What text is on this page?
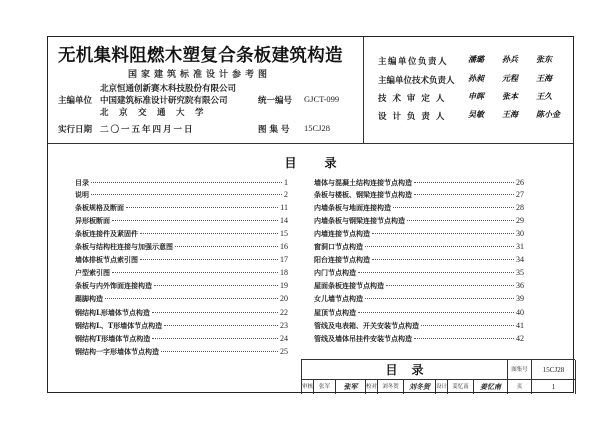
无机集料阻燃木塑复合条板建筑构造
国家建筑标准设计参考图
主编单位
北京恒通创新赛木科技股份有限公司
中国建筑标准设计研究院有限公司
北　京　交　通　大　学
统一编号 GJCT-099
实行日期 二〇一五年四月一日	图 集 号 15CJ28
主编单位负责人 潘璐 孙兵 张东
主编单位技术负责人 孙昶 元程 王海
技 术 审 定 人	申晖 张本 王久
设 计 负 责 人	吴敏 王海 陈小金
目录
目录	1
说明	2
条板规格及断面	11
异形板断面	14
条板连接件及紧固件	15
条板与结构柱连接与加强示意图	16
墙体排板节点索引图	17
户型索引图	18
条板与内外饰面连接构造	19
踢脚构造	20
钢结构L形墙体节点构造	22
钢结构L、T形墙体节点构造	23
钢结构T形墙体节点构造	24
钢结构一字形墙体节点构造	25
墙体与混凝土结构连接节点构造	26
条板与楼板、钢梁连接节点构造	27
内墙条板与地面连接构造	28
内墙条板与钢梁连接节点构造	29
内墙连接节点构造	30
窗洞口节点构造	31
阳台连接节点构造	34
内门节点构造	35
屋面条板连接节点构造	36
女儿墙节点构造	39
屋顶节点构造	40
管线及电表箱、开关安装节点构造	41
管线及墙体吊挂件安装节点构造	42
目录	图集号	15CJ28
审核	张军	张军	校对 刘冬贺	刘冬贺	设计 姜忆南	姜忆南	页	1
